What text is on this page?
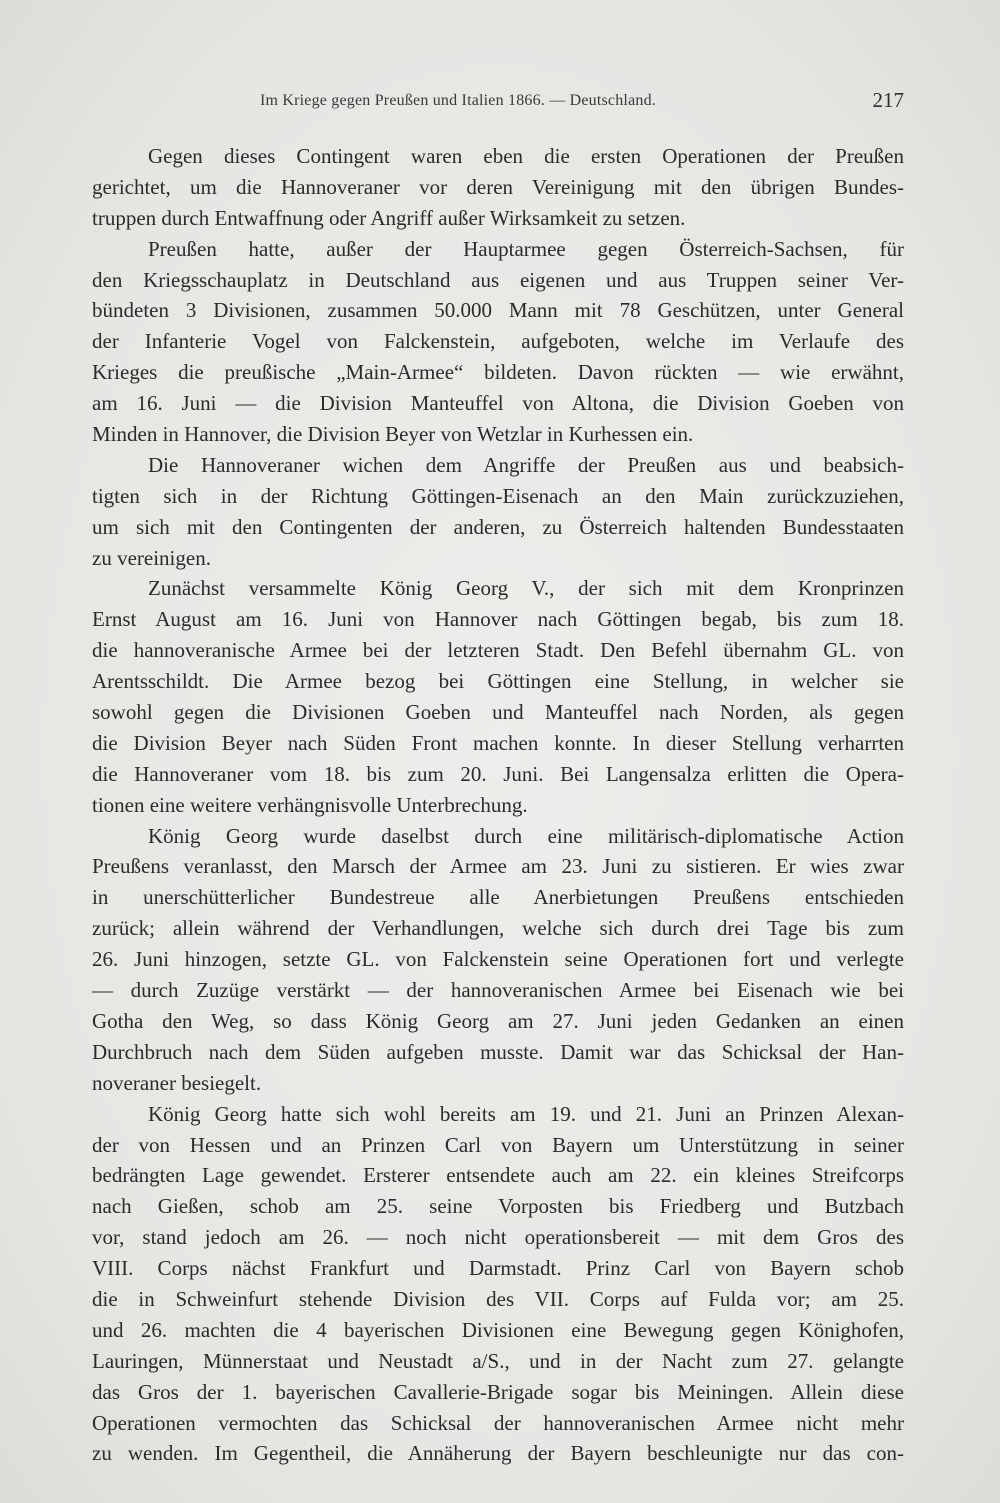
Im Kriege gegen Preußen und Italien 1866. — Deutschland.	217
Gegen dieses Contingent waren eben die ersten Operationen der Preußen
gerichtet, um die Hannoveraner vor deren Vereinigung mit den übrigen Bundes-
truppen durch Entwaffnung oder Angriff außer Wirksamkeit zu setzen.
Preußen hatte, außer der Hauptarmee gegen Österreich-Sachsen, für
den Kriegsschauplatz in Deutschland aus eigenen und aus Truppen seiner Ver-
bündeten 3 Divisionen, zusammen 50.000 Mann mit 78 Geschützen, unter General
der Infanterie Vogel von Falckenstein, aufgeboten, welche im Verlaufe des
Krieges die preußische „Main-Armee“ bildeten. Davon rückten — wie erwähnt,
am 16. Juni — die Division Manteuffel von Altona, die Division Goeben von
Minden in Hannover, die Division Beyer von Wetzlar in Kurhessen ein.
Die Hannoveraner wichen dem Angriffe der Preußen aus und beabsich-
tigten sich in der Richtung Göttingen-Eisenach an den Main zurückzuziehen,
um sich mit den Contingenten der anderen, zu Österreich haltenden Bundesstaaten
zu vereinigen.
Zunächst versammelte König Georg V., der sich mit dem Kronprinzen
Ernst August am 16. Juni von Hannover nach Göttingen begab, bis zum 18.
die hannoveranische Armee bei der letzteren Stadt. Den Befehl übernahm GL. von
Arentsschildt. Die Armee bezog bei Göttingen eine Stellung, in welcher sie
sowohl gegen die Divisionen Goeben und Manteuffel nach Norden, als gegen
die Division Beyer nach Süden Front machen konnte. In dieser Stellung verharrten
die Hannoveraner vom 18. bis zum 20. Juni. Bei Langensalza erlitten die Opera-
tionen eine weitere verhängnisvolle Unterbrechung.
König Georg wurde daselbst durch eine militärisch-diplomatische Action
Preußens veranlasst, den Marsch der Armee am 23. Juni zu sistieren. Er wies zwar
in unerschütterlicher Bundestreue alle Anerbietungen Preußens entschieden
zurück; allein während der Verhandlungen, welche sich durch drei Tage bis zum
26. Juni hinzogen, setzte GL. von Falckenstein seine Operationen fort und verlegte
— durch Zuzüge verstärkt — der hannoveranischen Armee bei Eisenach wie bei
Gotha den Weg, so dass König Georg am 27. Juni jeden Gedanken an einen
Durchbruch nach dem Süden aufgeben musste. Damit war das Schicksal der Han-
noveraner besiegelt.
König Georg hatte sich wohl bereits am 19. und 21. Juni an Prinzen Alexan-
der von Hessen und an Prinzen Carl von Bayern um Unterstützung in seiner
bedrängten Lage gewendet. Ersterer entsendete auch am 22. ein kleines Streifcorps
nach Gießen, schob am 25. seine Vorposten bis Friedberg und Butzbach
vor, stand jedoch am 26. — noch nicht operationsbereit — mit dem Gros des
VIII. Corps nächst Frankfurt und Darmstadt. Prinz Carl von Bayern schob
die in Schweinfurt stehende Division des VII. Corps auf Fulda vor; am 25.
und 26. machten die 4 bayerischen Divisionen eine Bewegung gegen Könighofen,
Lauringen, Münnerstaat und Neustadt a/S., und in der Nacht zum 27. gelangte
das Gros der 1. bayerischen Cavallerie-Brigade sogar bis Meiningen. Allein diese
Operationen vermochten das Schicksal der hannoveranischen Armee nicht mehr
zu wenden. Im Gegentheil, die Annäherung der Bayern beschleunigte nur das con-
